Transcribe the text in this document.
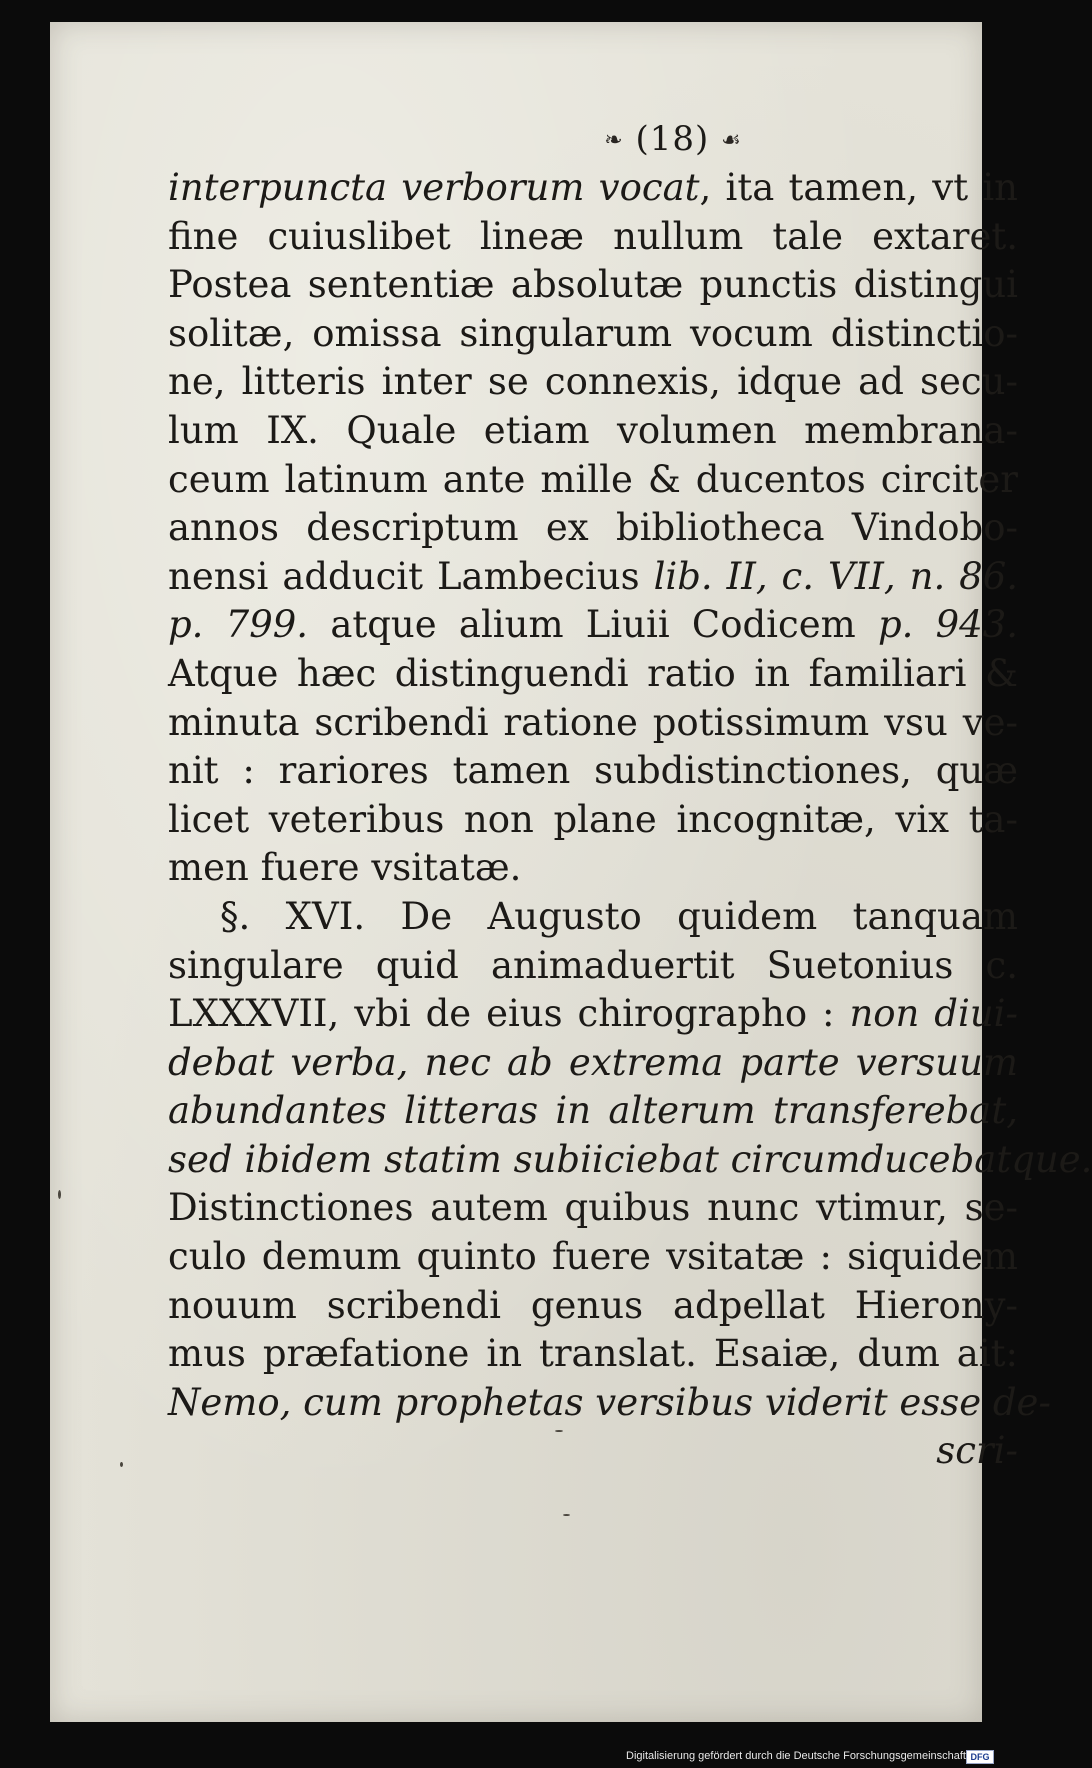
❧ (18) ☙
interpuncta verborum vocat, ita tamen, vt in
fine cuiuslibet lineæ nullum tale extaret.
Postea sententiæ absolutæ punctis distingui
solitæ, omissa singularum vocum distinctio-
ne, litteris inter se connexis, idque ad secu-
lum IX. Quale etiam volumen membrana-
ceum latinum ante mille & ducentos circiter
annos descriptum ex bibliotheca Vindobo-
nensi adducit Lambecius lib. II, c. VII, n. 86.
p. 799. atque alium Liuii Codicem p. 943.
Atque hæc distinguendi ratio in familiari &
minuta scribendi ratione potissimum vsu ve-
nit : rariores tamen subdistinctiones, quæ
licet veteribus non plane incognitæ, vix ta-
men fuere vsitatæ.
§. XVI. De Augusto quidem tanquam
singulare quid animaduertit Suetonius c.
LXXXVII, vbi de eius chirographo : non diui-
debat verba, nec ab extrema parte versuum
abundantes litteras in alterum transferebat,
sed ibidem statim subiiciebat circumducebatque.
Distinctiones autem quibus nunc vtimur, se-
culo demum quinto fuere vsitatæ : siquidem
nouum scribendi genus adpellat Hierony-
mus præfatione in translat. Esaiæ, dum ait:
Nemo, cum prophetas versibus viderit esse de-
scri-
Digitalisierung gefördert durch die Deutsche Forschungsgemeinschaft DFG
